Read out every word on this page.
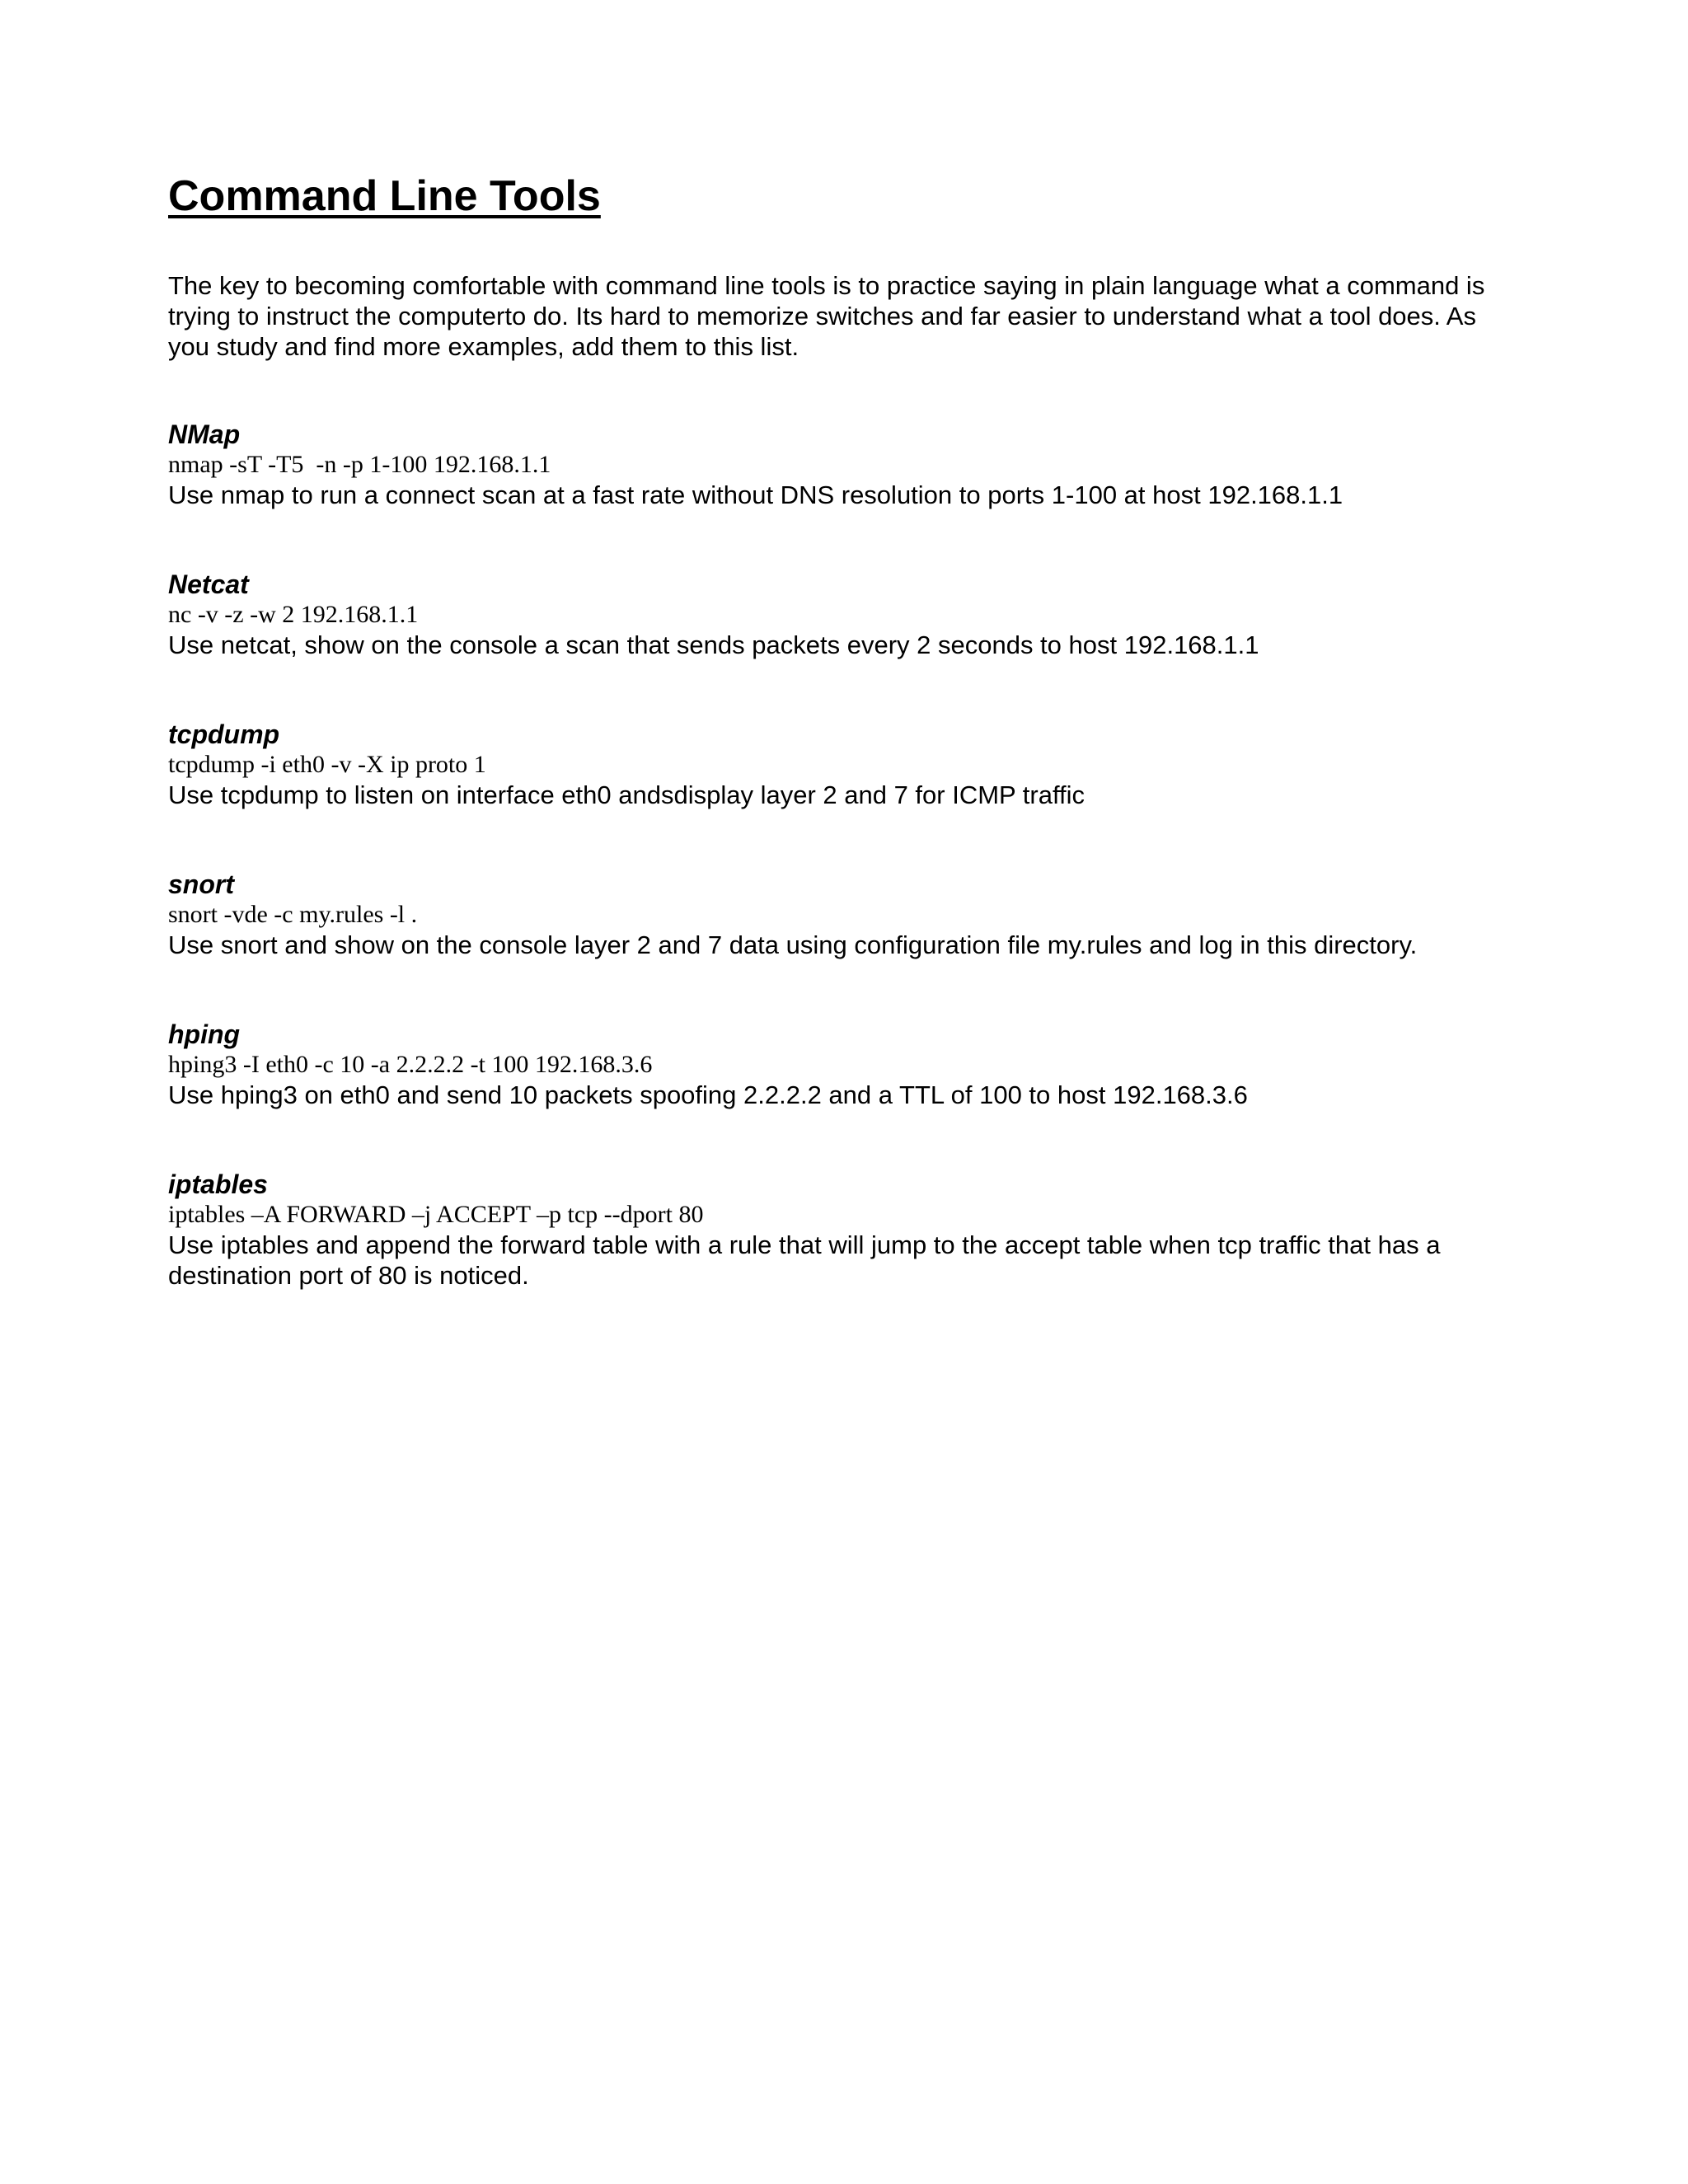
Command Line Tools

The key to becoming comfortable with command line tools is to practice saying in plain language what a command is trying to instruct the computerto do. Its hard to memorize switches and far easier to understand what a tool does. As you study and find more examples, add them to this list.

NMap

nmap -sT -T5  -n -p 1-100 192.168.1.1

Use nmap to run a connect scan at a fast rate without DNS resolution to ports 1-100 at host 192.168.1.1

Netcat

nc -v -z -w 2 192.168.1.1

Use netcat, show on the console a scan that sends packets every 2 seconds to host 192.168.1.1

tcpdump

tcpdump -i eth0 -v -X ip proto 1

Use tcpdump to listen on interface eth0 andsdisplay layer 2 and 7 for ICMP traffic

snort

snort -vde -c my.rules -l .

Use snort and show on the console layer 2 and 7 data using configuration file my.rules and log in this directory.

hping

hping3 -I eth0 -c 10 -a 2.2.2.2 -t 100 192.168.3.6

Use hping3 on eth0 and send 10 packets spoofing 2.2.2.2 and a TTL of 100 to host 192.168.3.6

iptables

iptables –A FORWARD –j ACCEPT –p tcp --dport 80

Use iptables and append the forward table with a rule that will jump to the accept table when tcp traffic that has a destination port of 80 is noticed.
